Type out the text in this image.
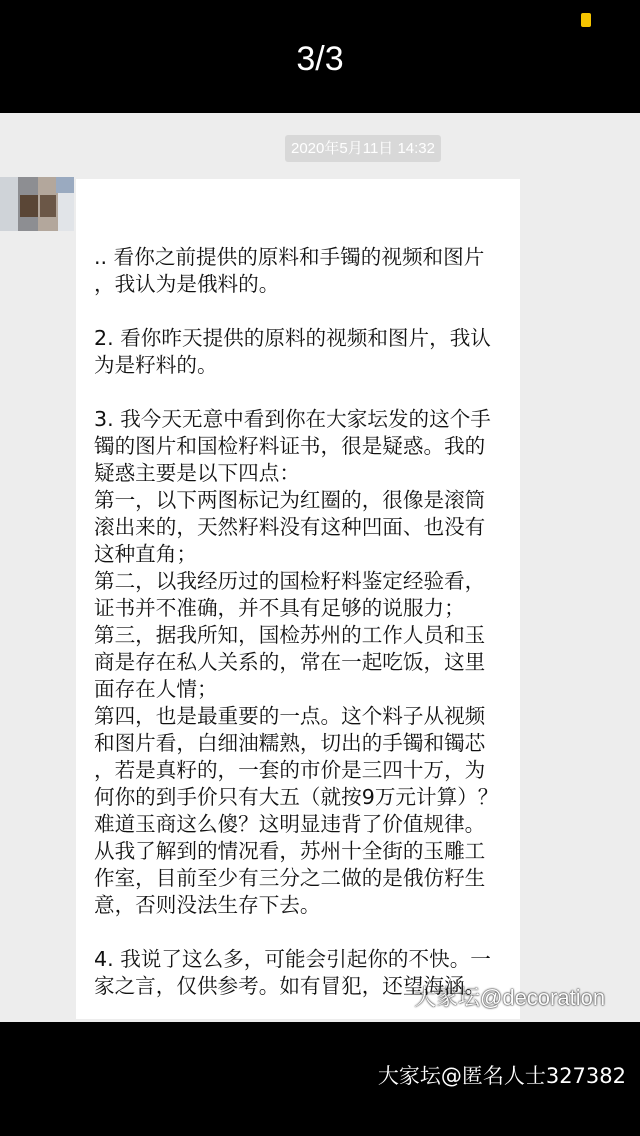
3/3
2020年5月11日 14:32
大家坛@decoration

.. 看你之前提供的原料和手镯的视频和图片

，我认为是俄料的。

2. 看你昨天提供的原料的视频和图片，我认

为是籽料的。

3. 我今天无意中看到你在大家坛发的这个手

镯的图片和国检籽料证书，很是疑惑。我的

疑惑主要是以下四点：

第一，以下两图标记为红圈的，很像是滚筒

滚出来的，天然籽料没有这种凹面、也没有

这种直角；

第二，以我经历过的国检籽料鉴定经验看，

证书并不准确，并不具有足够的说服力；

第三，据我所知，国检苏州的工作人员和玉

商是存在私人关系的，常在一起吃饭，这里

面存在人情；

第四，也是最重要的一点。这个料子从视频

和图片看，白细油糯熟，切出的手镯和镯芯

，若是真籽的，一套的市价是三四十万，为

何你的到手价只有大五（就按9万元计算）？

难道玉商这么傻？这明显违背了价值规律。

从我了解到的情况看，苏州十全街的玉雕工

作室，目前至少有三分之二做的是俄仿籽生

意，否则没法生存下去。

4. 我说了这么多，可能会引起你的不快。一

家之言，仅供参考。如有冒犯，还望海涵。

大家坛@匿名人士327382
